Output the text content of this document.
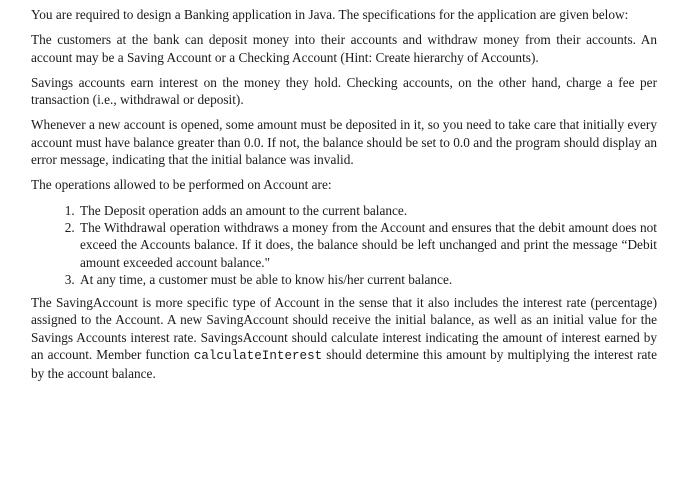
You are required to design a Banking application in Java. The specifications for the application are given below:

The customers at the bank can deposit money into their accounts and withdraw money from their accounts. An account may be a Saving Account or a Checking Account (Hint: Create hierarchy of Accounts).

Savings accounts earn interest on the money they hold. Checking accounts, on the other hand, charge a fee per transaction (i.e., withdrawal or deposit).

Whenever a new account is opened, some amount must be deposited in it, so you need to take care that initially every account must have balance greater than 0.0. If not, the balance should be set to 0.0 and the program should display an error message, indicating that the initial balance was invalid.

The operations allowed to be performed on Account are:

1. The Deposit operation adds an amount to the current balance.
2. The Withdrawal operation withdraws a money from the Account and ensures that the debit amount does not exceed the Accounts balance. If it does, the balance should be left unchanged and print the message “Debit amount exceeded account balance."
3. At any time, a customer must be able to know his/her current balance.

The SavingAccount is more specific type of Account in the sense that it also includes the interest rate (percentage) assigned to the Account. A new SavingAccount should receive the initial balance, as well as an initial value for the Savings Accounts interest rate. SavingsAccount should calculate interest indicating the amount of interest earned by an account. Member function calculateInterest should determine this amount by multiplying the interest rate by the account balance.
